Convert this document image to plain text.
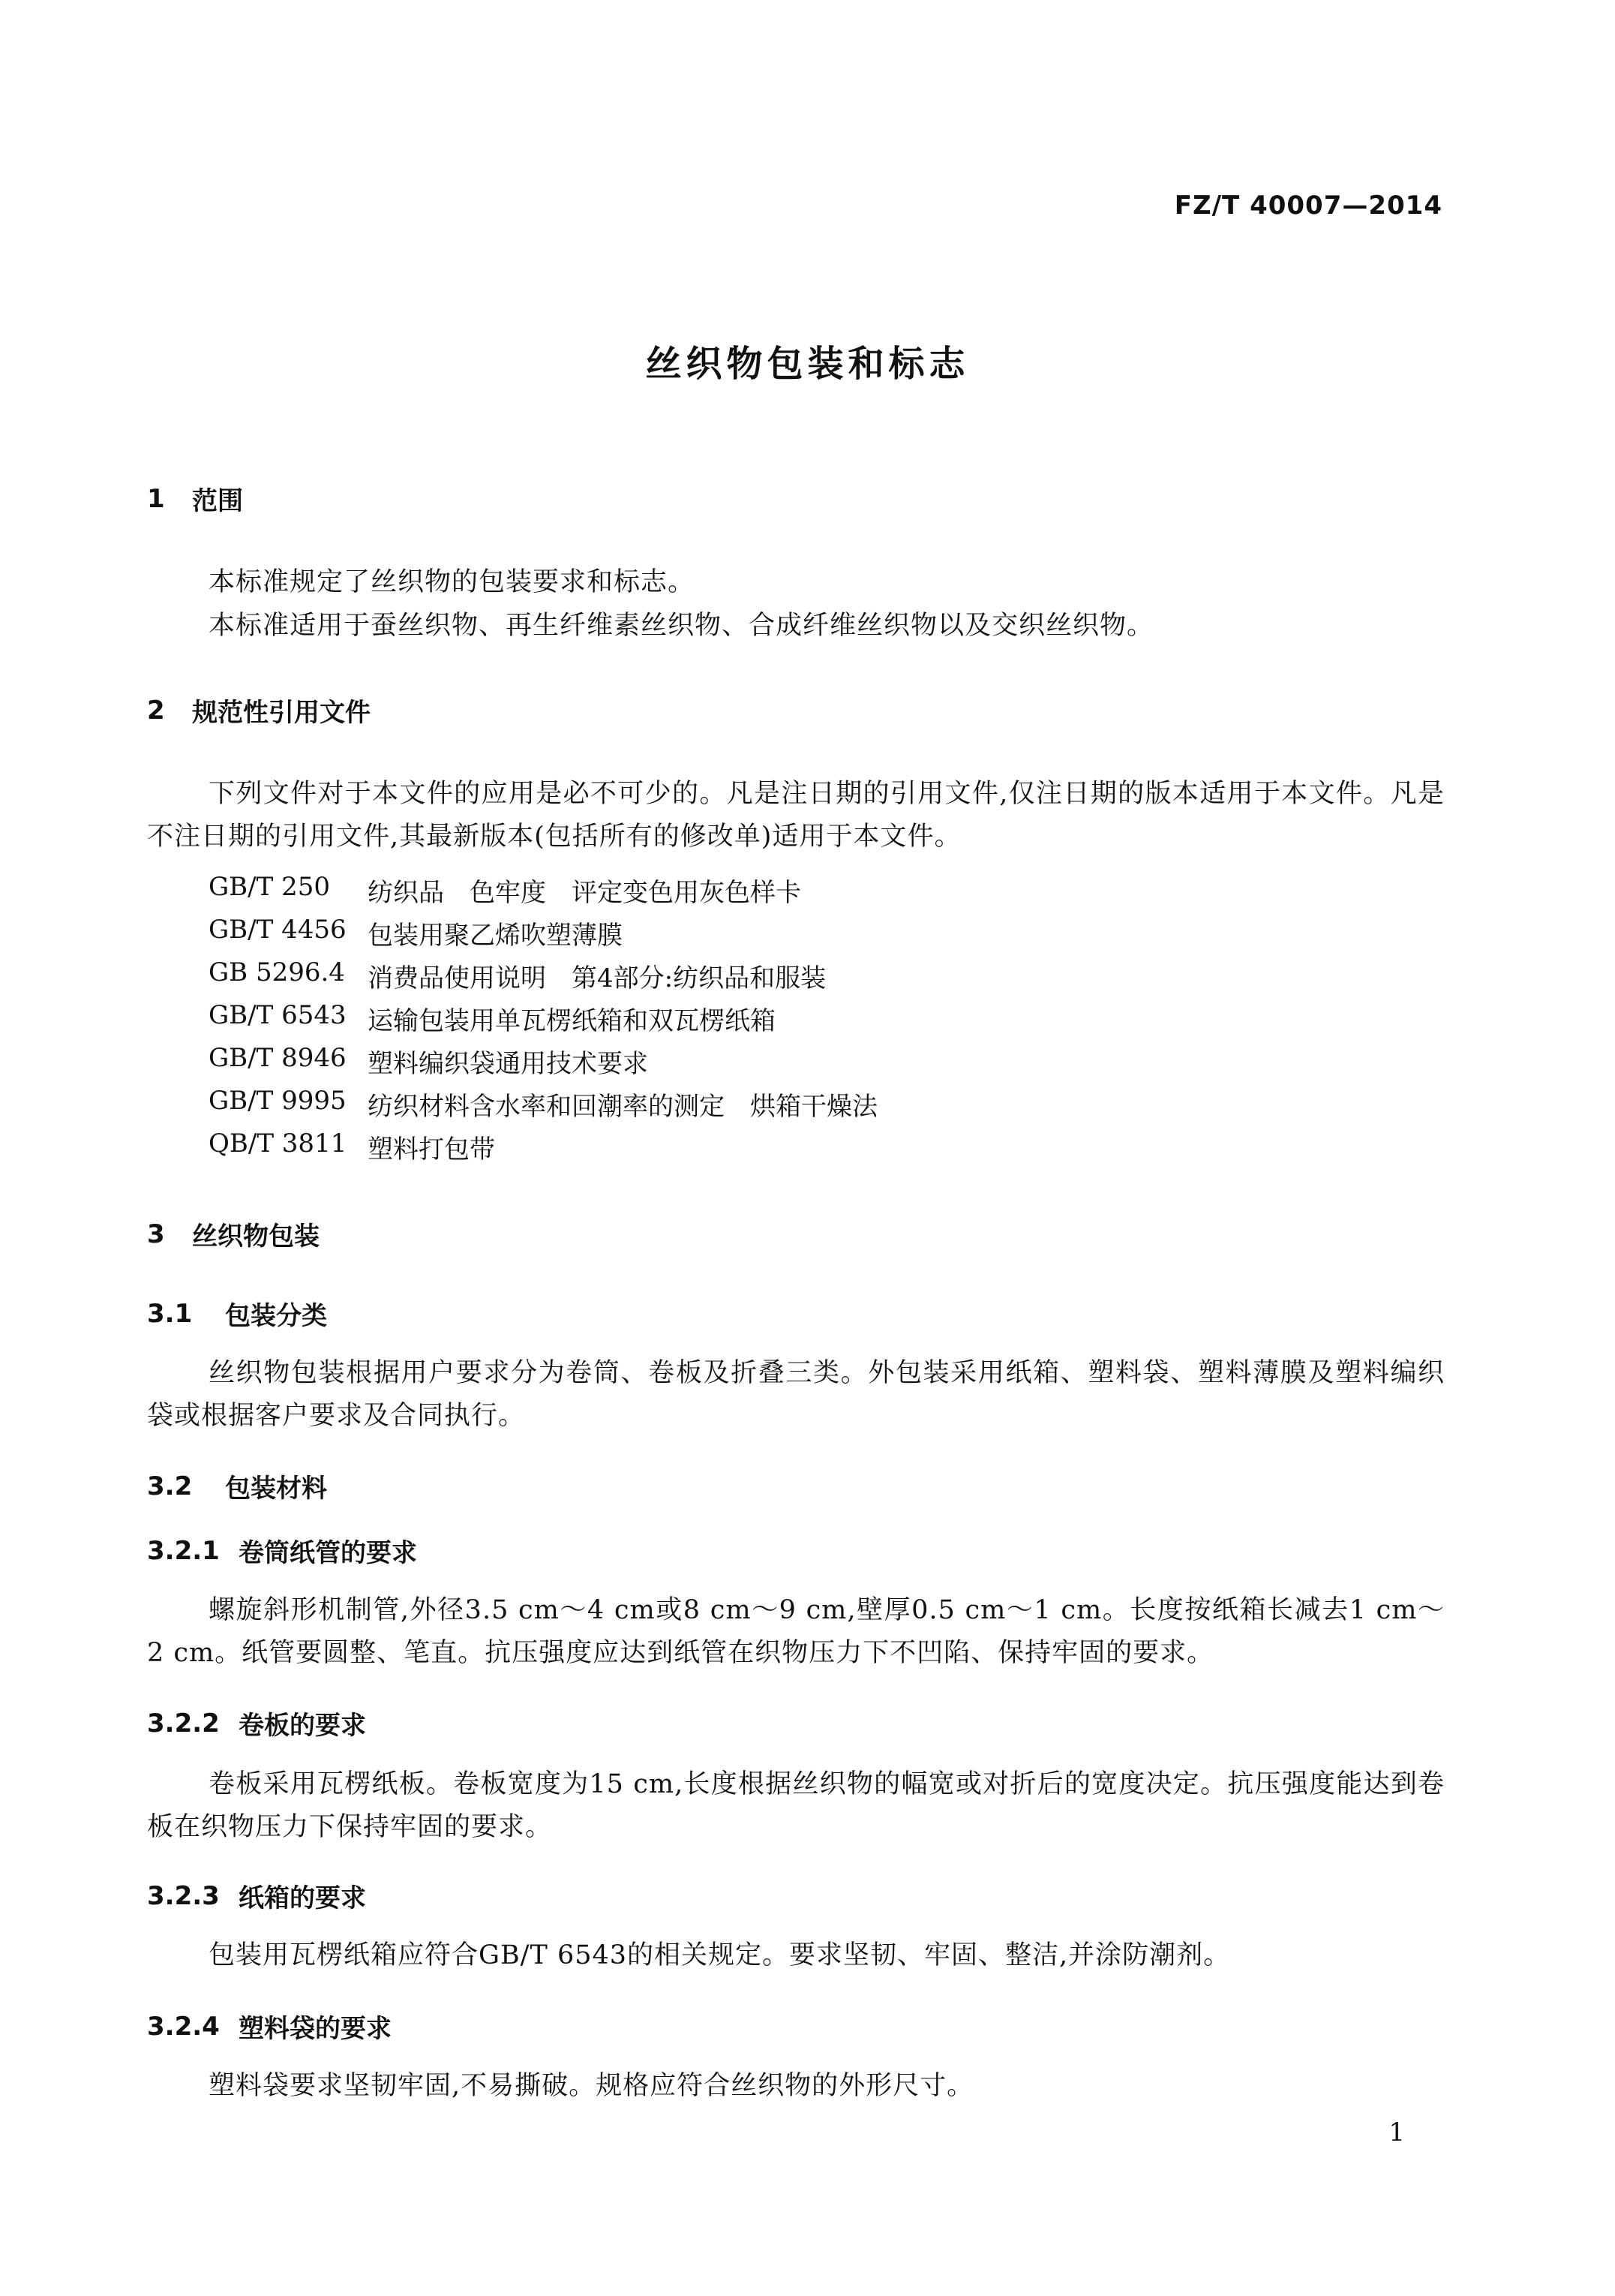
FZ/T 40007—2014
丝织物包装和标志
1	范围
本标准规定了丝织物的包装要求和标志。
本标准适用于蚕丝织物、再生纤维素丝织物、合成纤维丝织物以及交织丝织物。
2	规范性引用文件
下列文件对于本文件的应用是必不可少的。凡是注日期的引用文件,仅注日期的版本适用于本文件。凡是不注日期的引用文件,其最新版本(包括所有的修改单)适用于本文件。
GB/T 250	纺织品　色牢度　评定变色用灰色样卡
GB/T 4456 包装用聚乙烯吹塑薄膜
GB 5296.4 消费品使用说明　第4部分:纺织品和服装
GB/T 6543 运输包装用单瓦楞纸箱和双瓦楞纸箱
GB/T 8946 塑料编织袋通用技术要求
GB/T 9995 纺织材料含水率和回潮率的测定　烘箱干燥法
QB/T 3811 塑料打包带
3	丝织物包装
3.1	包装分类
丝织物包装根据用户要求分为卷筒、卷板及折叠三类。外包装采用纸箱、塑料袋、塑料薄膜及塑料编织袋或根据客户要求及合同执行。
3.2	包装材料
3.2.1 卷筒纸管的要求
螺旋斜形机制管,外径3.5 cm～4 cm或8 cm～9 cm,壁厚0.5 cm～1 cm。长度按纸箱长减去1 cm～2 cm。纸管要圆整、笔直。抗压强度应达到纸管在织物压力下不凹陷、保持牢固的要求。
3.2.2 卷板的要求
卷板采用瓦楞纸板。卷板宽度为15 cm,长度根据丝织物的幅宽或对折后的宽度决定。抗压强度能达到卷板在织物压力下保持牢固的要求。
3.2.3 纸箱的要求
包装用瓦楞纸箱应符合GB/T 6543的相关规定。要求坚韧、牢固、整洁,并涂防潮剂。
3.2.4 塑料袋的要求
塑料袋要求坚韧牢固,不易撕破。规格应符合丝织物的外形尺寸。
1
